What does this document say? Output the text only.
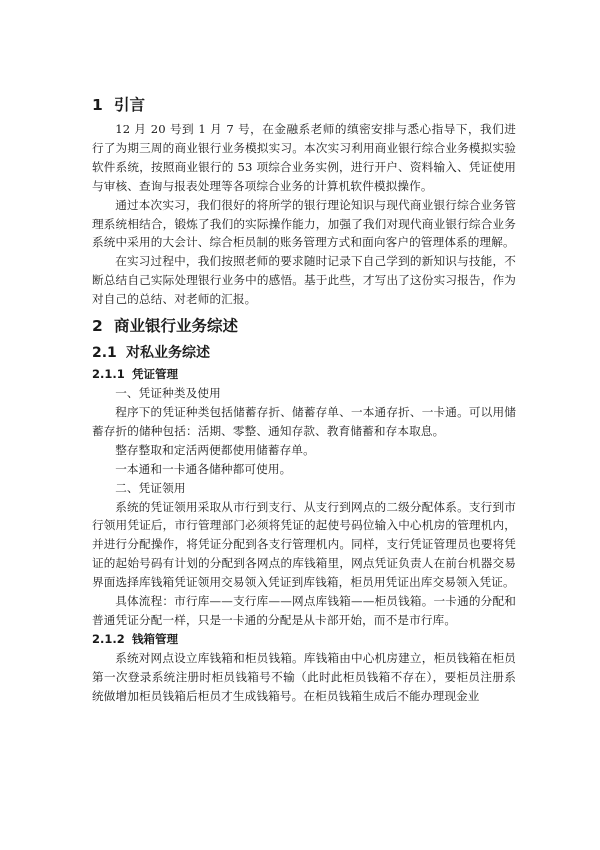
1 引言

12 月 20 号到 1 月 7 号，在金融系老师的缜密安排与悉心指导下，我们进行了为期三周的商业银行业务模拟实习。本次实习利用商业银行综合业务模拟实验软件系统，按照商业银行的 53 项综合业务实例，进行开户、资料输入、凭证使用与审核、查询与报表处理等各项综合业务的计算机软件模拟操作。

通过本次实习，我们很好的将所学的银行理论知识与现代商业银行综合业务管理系统相结合，锻炼了我们的实际操作能力，加强了我们对现代商业银行综合业务系统中采用的大会计、综合柜员制的账务管理方式和面向客户的管理体系的理解。

在实习过程中，我们按照老师的要求随时记录下自己学到的新知识与技能，不断总结自己实际处理银行业务中的感悟。基于此些，才写出了这份实习报告，作为对自己的总结、对老师的汇报。

2 商业银行业务综述
2.1 对私业务综述
2.1.1 凭证管理

一、凭证种类及使用

程序下的凭证种类包括储蓄存折、储蓄存单、一本通存折、一卡通。可以用储蓄存折的储种包括：活期、零整、通知存款、教育储蓄和存本取息。

整存整取和定活两便都使用储蓄存单。

一本通和一卡通各储种都可使用。

二、凭证领用

系统的凭证领用采取从市行到支行、从支行到网点的二级分配体系。支行到市行领用凭证后，市行管理部门必须将凭证的起使号码位输入中心机房的管理机内，并进行分配操作，将凭证分配到各支行管理机内。同样，支行凭证管理员也要将凭证的起始号码有计划的分配到各网点的库钱箱里，网点凭证负责人在前台机器交易界面选择库钱箱凭证领用交易领入凭证到库钱箱，柜员用凭证出库交易领入凭证。

具体流程：市行库——支行库——网点库钱箱——柜员钱箱。一卡通的分配和普通凭证分配一样，只是一卡通的分配是从卡部开始，而不是市行库。

2.1.2 钱箱管理

系统对网点设立库钱箱和柜员钱箱。库钱箱由中心机房建立，柜员钱箱在柜员第一次登录系统注册时柜员钱箱号不输（此时此柜员钱箱不存在），要柜员注册系统做增加柜员钱箱后柜员才生成钱箱号。在柜员钱箱生成后不能办理现金业
